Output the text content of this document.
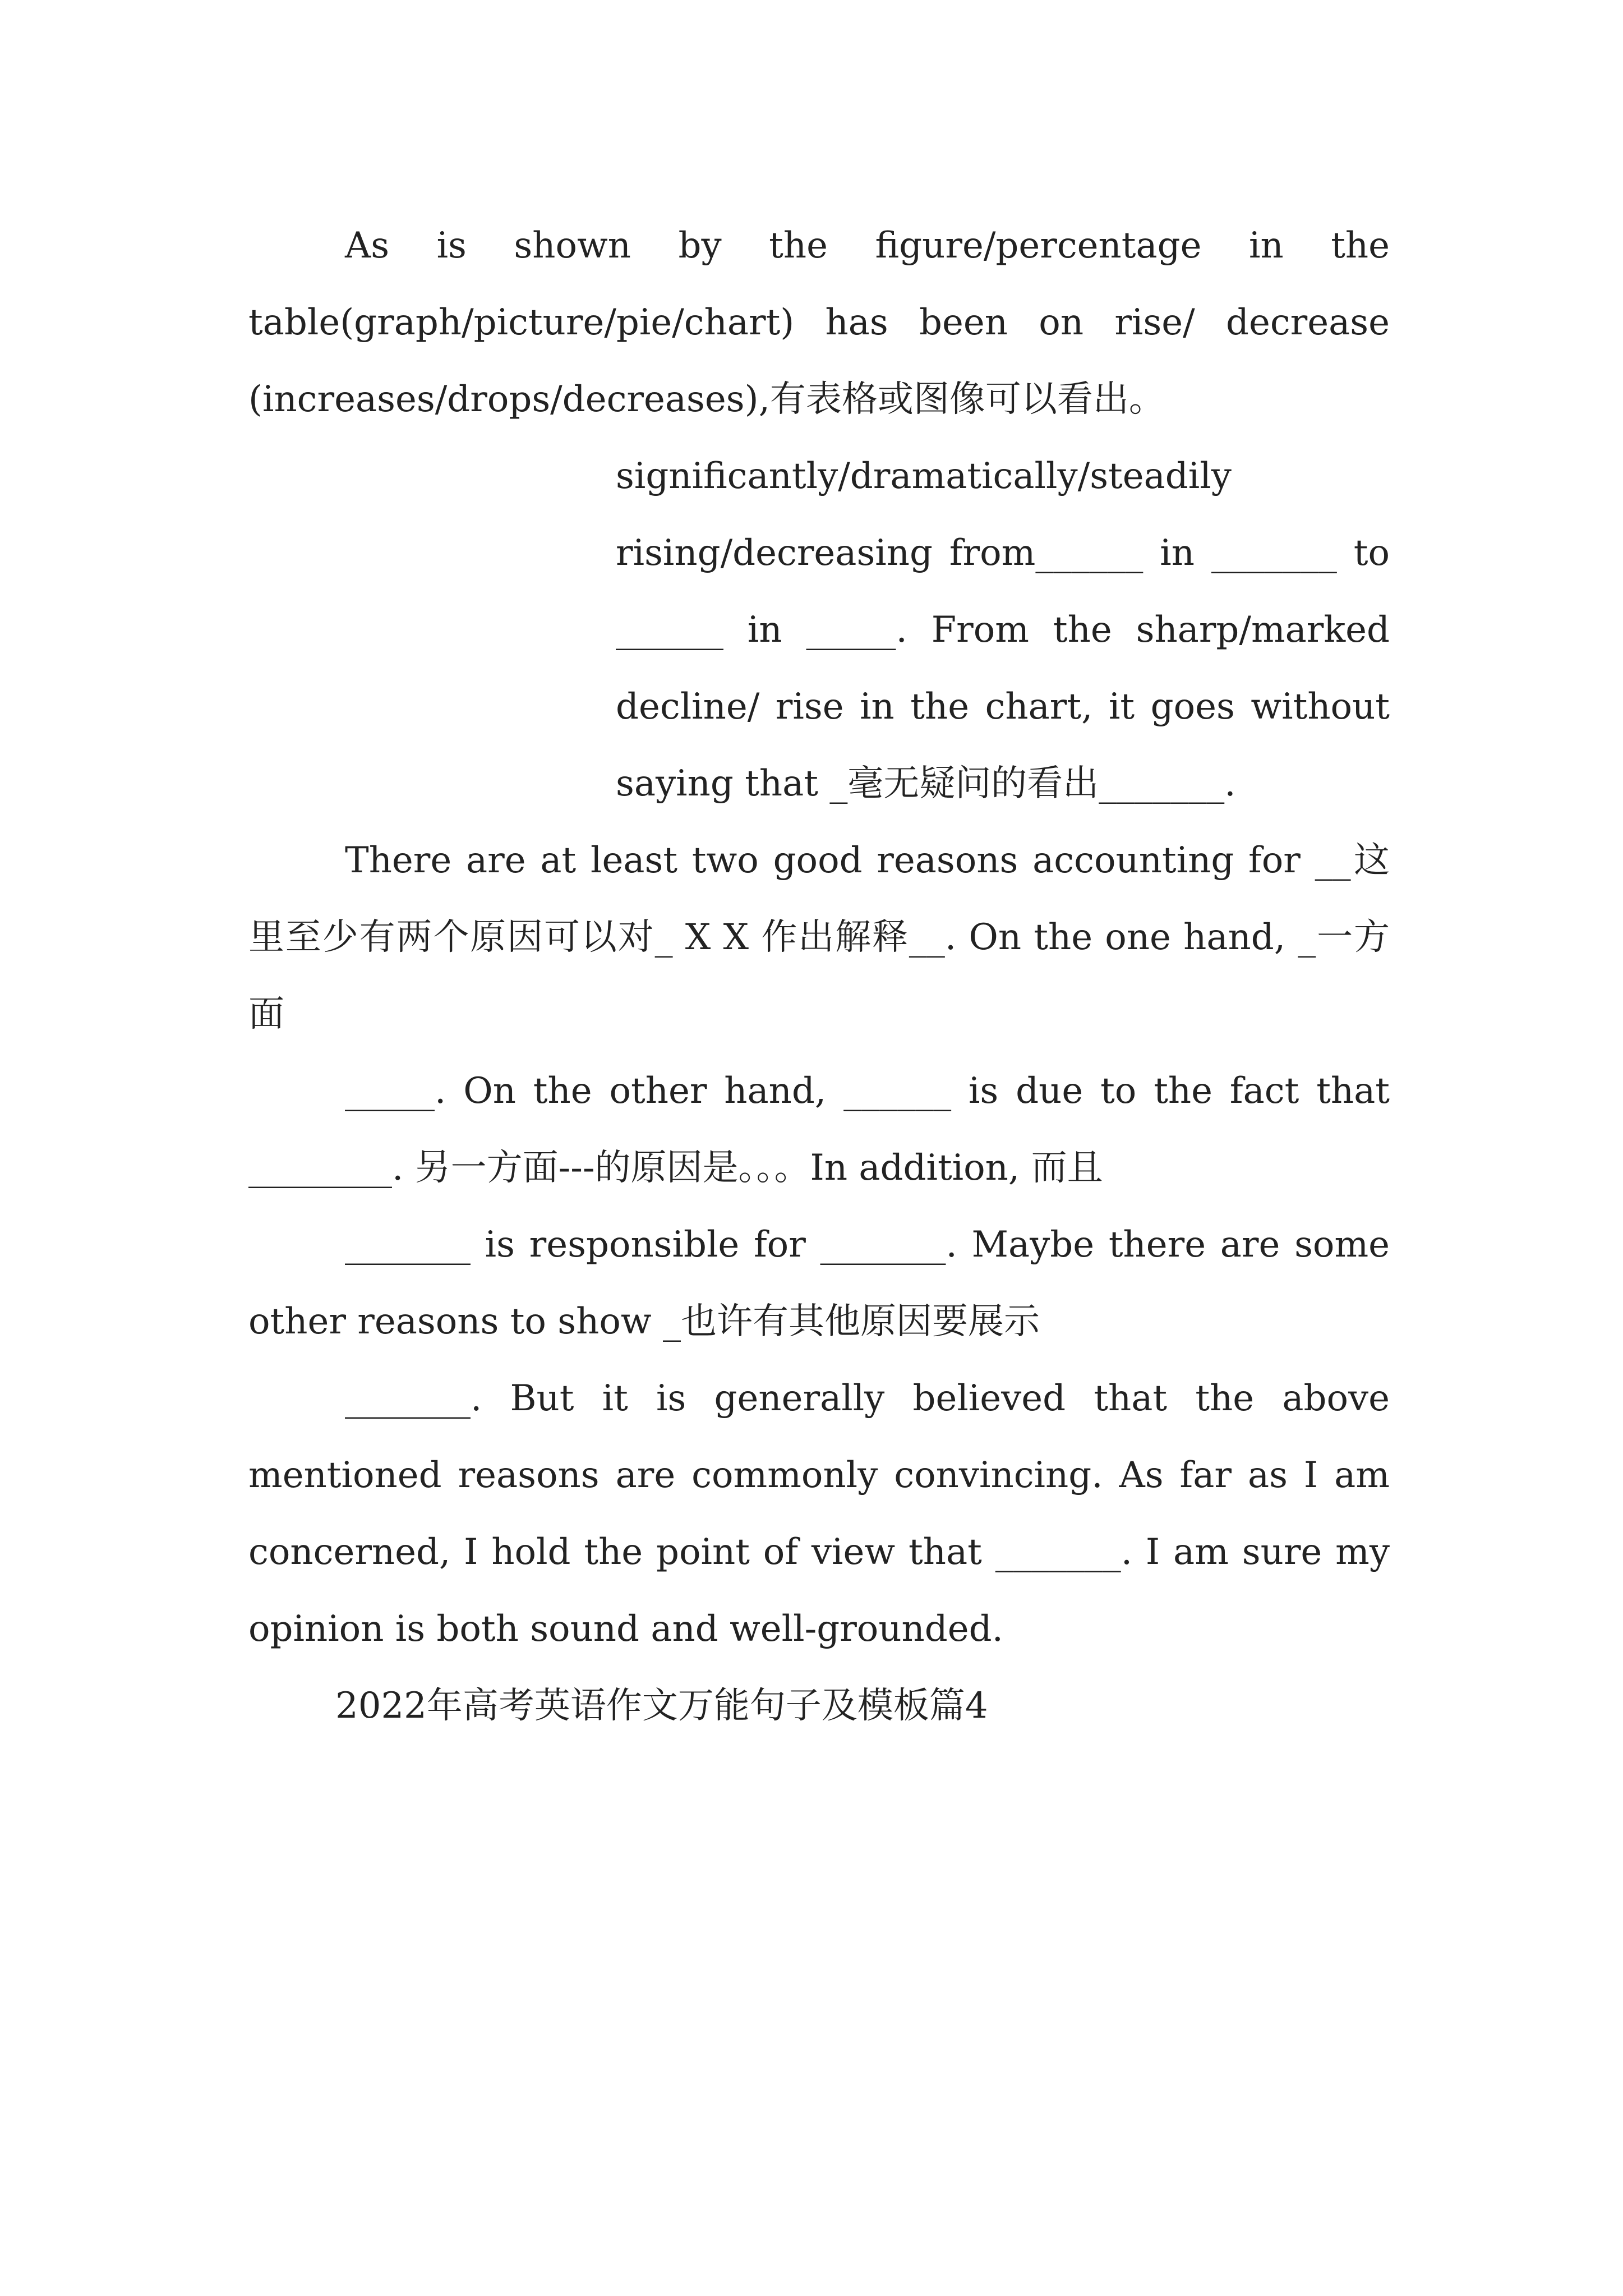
As is shown by the figure/percentage in the table(graph/picture/pie/chart) has been on rise/ decrease (increases/drops/decreases),有表格或图像可以看出。

significantly/dramatically/steadily rising/decreasing from______ in _______ to ______ in _____. From the sharp/marked decline/ rise in the chart, it goes without saying that _毫无疑问的看出_______.

There are at least two good reasons accounting for __这里至少有两个原因可以对_ X X 作出解释__. On the one hand, _一方面

_____. On the other hand, ______ is due to the fact that ________. 另一方面---的原因是。。。In addition, 而且

_______ is responsible for _______. Maybe there are some other reasons to show _也许有其他原因要展示

_______. But it is generally believed that the above mentioned reasons are commonly convincing. As far as I am concerned, I hold the point of view that _______. I am sure my opinion is both sound and well-grounded.

2022年高考英语作文万能句子及模板篇4
